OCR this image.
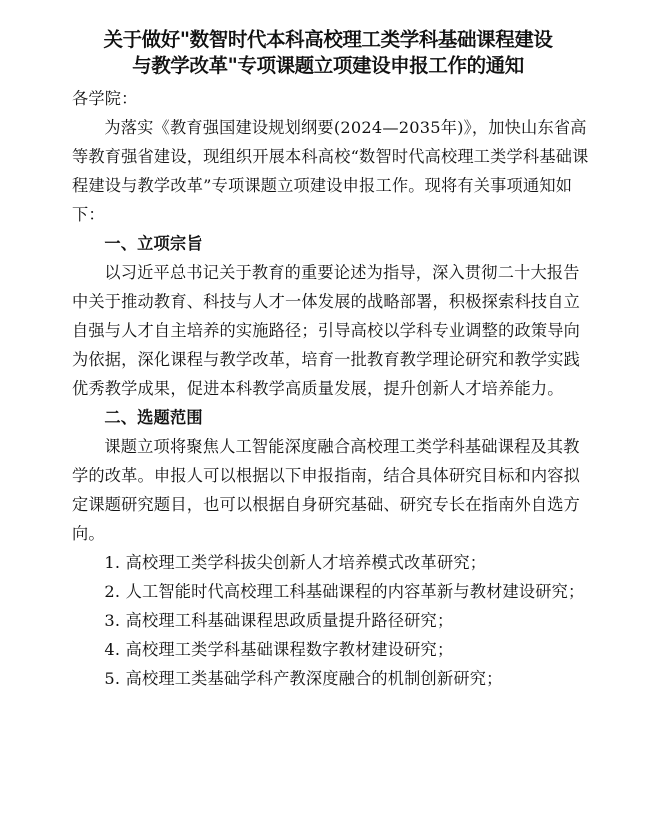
关于做好"数智时代本科高校理工类学科基础课程建设
与教学改革"专项课题立项建设申报工作的通知

各学院：

为落实《教育强国建设规划纲要(2024—2035年)》，加快山东省高等教育强省建设，现组织开展本科高校“数智时代高校理工类学科基础课程建设与教学改革”专项课题立项建设申报工作。现将有关事项通知如下：

一、立项宗旨

以习近平总书记关于教育的重要论述为指导，深入贯彻二十大报告中关于推动教育、科技与人才一体发展的战略部署，积极探索科技自立自强与人才自主培养的实施路径；引导高校以学科专业调整的政策导向为依据，深化课程与教学改革，培育一批教育教学理论研究和教学实践优秀教学成果，促进本科教学高质量发展，提升创新人才培养能力。

二、选题范围

课题立项将聚焦人工智能深度融合高校理工类学科基础课程及其教学的改革。申报人可以根据以下申报指南，结合具体研究目标和内容拟定课题研究题目，也可以根据自身研究基础、研究专长在指南外自选方向。

1. 高校理工类学科拔尖创新人才培养模式改革研究；

2. 人工智能时代高校理工科基础课程的内容革新与教材建设研究；

3. 高校理工科基础课程思政质量提升路径研究；

4. 高校理工类学科基础课程数字教材建设研究；

5. 高校理工类基础学科产教深度融合的机制创新研究；
